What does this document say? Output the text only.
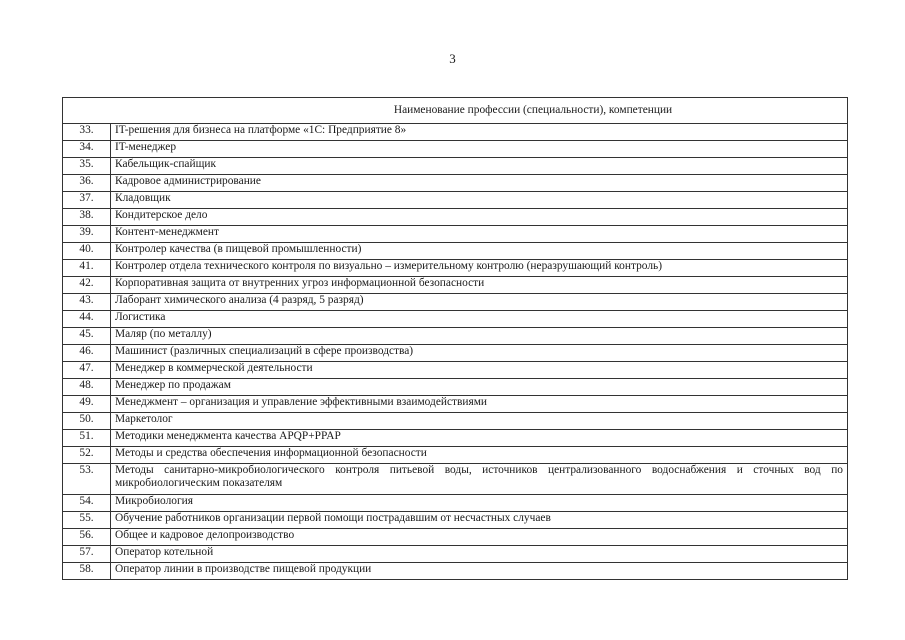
3
Наименование профессии (специальности), компетенции	
33.	IT-решения для бизнеса на платформе «1С: Предприятие 8»
34.	IT-менеджер
35.	Кабельщик-спайщик
36.	Кадровое администрирование
37.	Кладовщик
38.	Кондитерское дело
39.	Контент-менеджмент
40.	Контролер качества (в пищевой промышленности)
41.	Контролер отдела технического контроля по визуально – измерительному контролю (неразрушающий контроль)
42.	Корпоративная защита от внутренних угроз информационной безопасности
43.	Лаборант химического анализа (4 разряд, 5 разряд)
44.	Логистика
45.	Маляр (по металлу)
46.	Машинист (различных специализаций в сфере производства)
47.	Менеджер в коммерческой деятельности
48.	Менеджер по продажам
49.	Менеджмент – организация и управление эффективными взаимодействиями
50.	Маркетолог
51.	Методики менеджмента качества APQP+PPAP
52.	Методы и средства обеспечения информационной безопасности
53.	Методы санитарно-микробиологического контроля питьевой воды, источников централизованного водоснабжения и сточных вод по микробиологическим показателям
54.	Микробиология
55.	Обучение работников организации первой помощи пострадавшим от несчастных случаев
56.	Общее и кадровое делопроизводство
57.	Оператор котельной
58.	Оператор линии в производстве пищевой продукции
